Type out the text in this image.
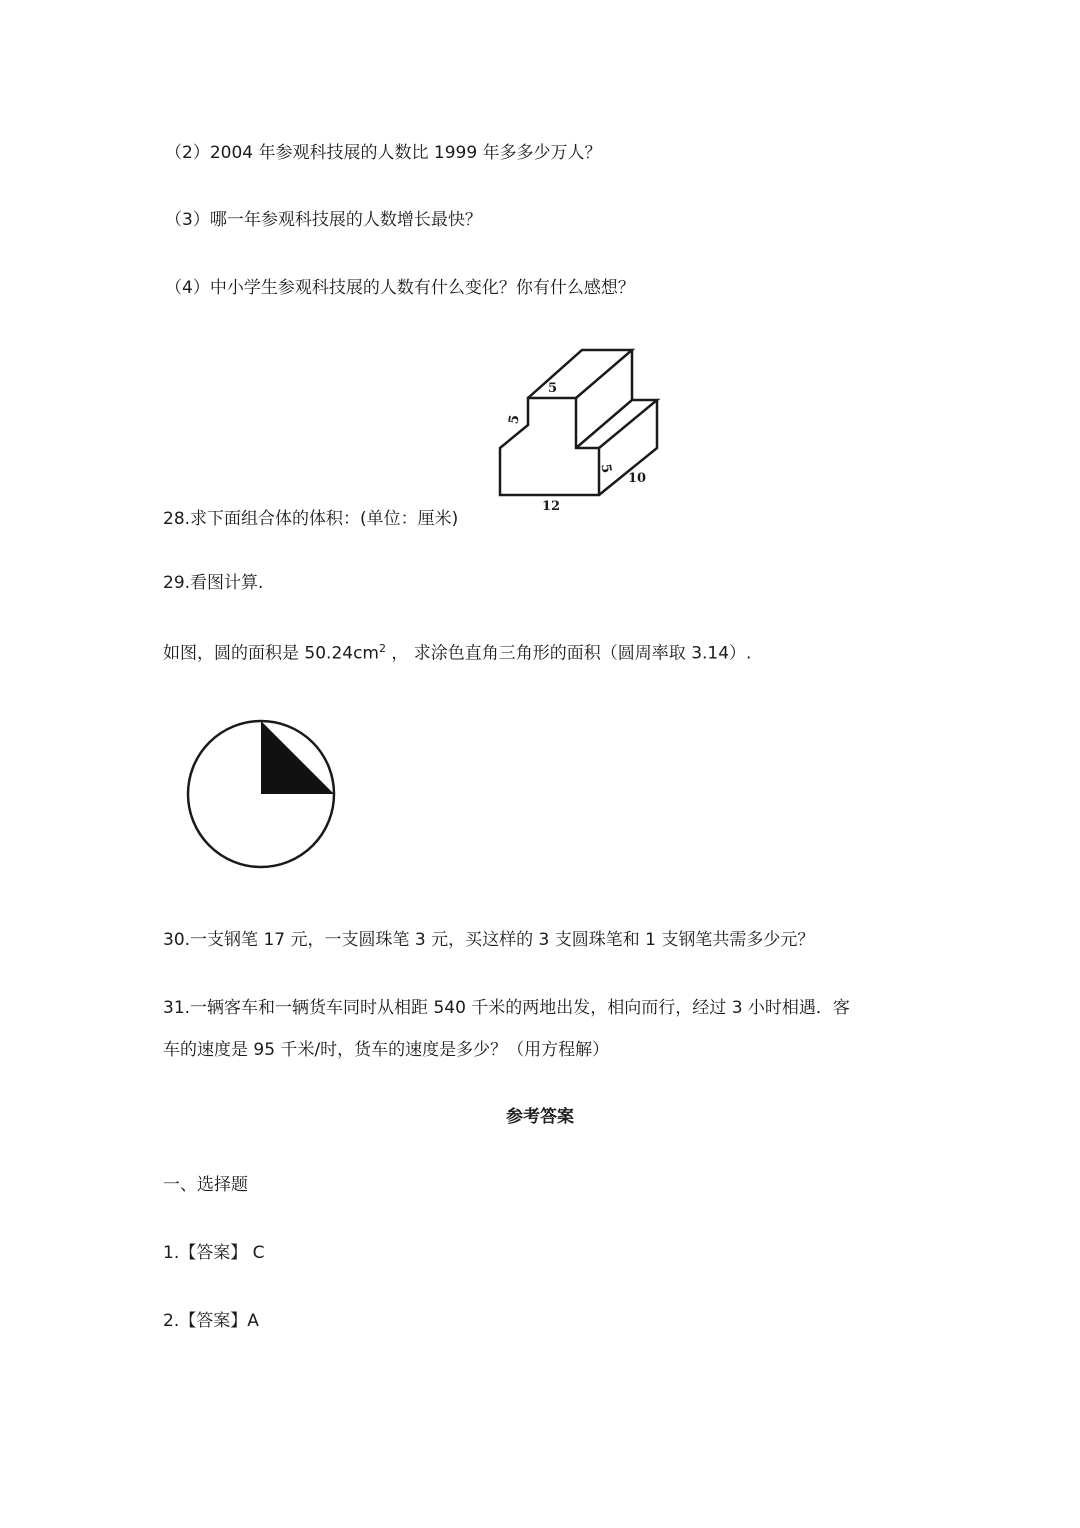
（2）2004 年参观科技展的人数比 1999 年多多少万人？
（3）哪一年参观科技展的人数增长最快？
（4）中小学生参观科技展的人数有什么变化？你有什么感想？
5
5
5
10
12
28.求下面组合体的体积：(单位：厘米)
29.看图计算.
如图，圆的面积是 $50.24cm^2$ ， 求涂色直角三角形的面积（圆周率取 3.14）.
30.一支钢笔 17 元，一支圆珠笔 3 元，买这样的 3 支圆珠笔和 1 支钢笔共需多少元？
31.一辆客车和一辆货车同时从相距 540 千米的两地出发，相向而行，经过 3 小时相遇．客
车的速度是 95 千米/时，货车的速度是多少？（用方程解）
参考答案
一、选择题
1.【答案】 C
2.【答案】A
